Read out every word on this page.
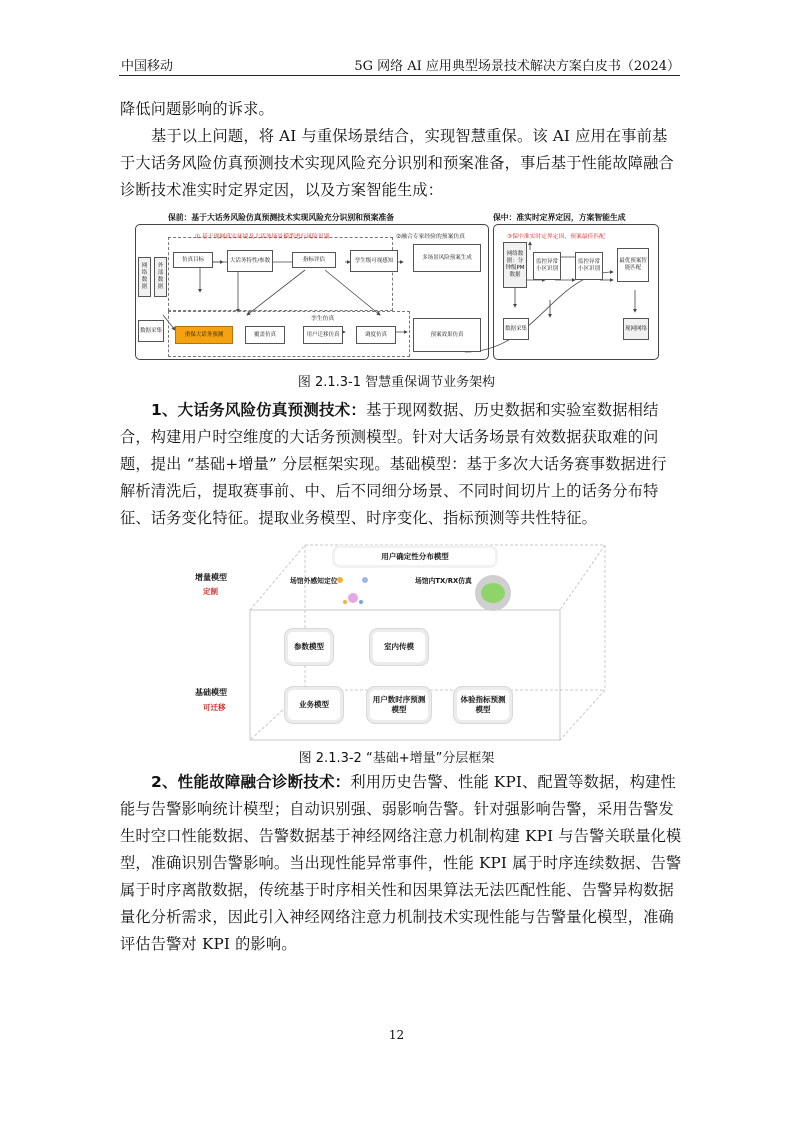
中国移动	5G 网络 AI 应用典型场景技术解决方案白皮书（2024）
降低问题影响的诉求。
基于以上问题，将 AI 与重保场景结合，实现智慧重保。该 AI 应用在事前基于大话务风险仿真预测技术实现风险充分识别和预案准备，事后基于性能故障融合诊断技术准实时定界定因，以及方案智能生成：
保前：基于大话务风险仿真预测技术实现风险充分识别和预案准备	保中：准实时定界定因，方案智能生成
① 基于现网真实环境及大话务场景模型进行风险识别	②融合专家经验的预案仿真	③保中准实时定界定因，预案最佳匹配
网络数据
外部数据
数据采集
仿真目标	大话务特性/参数	指标评估	孪生级可视感知	多场景风险预案生成
孪生仿真
重保大话务预测	覆盖仿真	用户迁移仿真	调度仿真	预案效果仿真
网络数据：分钟级PM数据
监控异常小区识别
监控异常小区识别
最优预案智能匹配
数据采集	现网网络
图 2.1.3-1 智慧重保调节业务架构
1、大话务风险仿真预测技术：基于现网数据、历史数据和实验室数据相结合，构建用户时空维度的大话务预测模型。针对大话务场景有效数据获取难的问题，提出 “基础+增量” 分层框架实现。基础模型：基于多次大话务赛事数据进行解析清洗后，提取赛事前、中、后不同细分场景、不同时间切片上的话务分布特征、话务变化特征。提取业务模型、时序变化、指标预测等共性特征。
用户确定性分布模型
场馆外感知定位	场馆内TX/RX仿真
参数模型	室内传模
业务模型
用户数时序预测模型
体验指标预测模型
增量模型
定制
基础模型
可迁移
图 2.1.3-2 “基础+增量”分层框架
2、性能故障融合诊断技术：利用历史告警、性能 KPI、配置等数据，构建性能与告警影响统计模型；自动识别强、弱影响告警。针对强影响告警，采用告警发生时空口性能数据、告警数据基于神经网络注意力机制构建 KPI 与告警关联量化模型，准确识别告警影响。当出现性能异常事件，性能 KPI 属于时序连续数据、告警属于时序离散数据，传统基于时序相关性和因果算法无法匹配性能、告警异构数据量化分析需求，因此引入神经网络注意力机制技术实现性能与告警量化模型，准确评估告警对 KPI 的影响。
12
